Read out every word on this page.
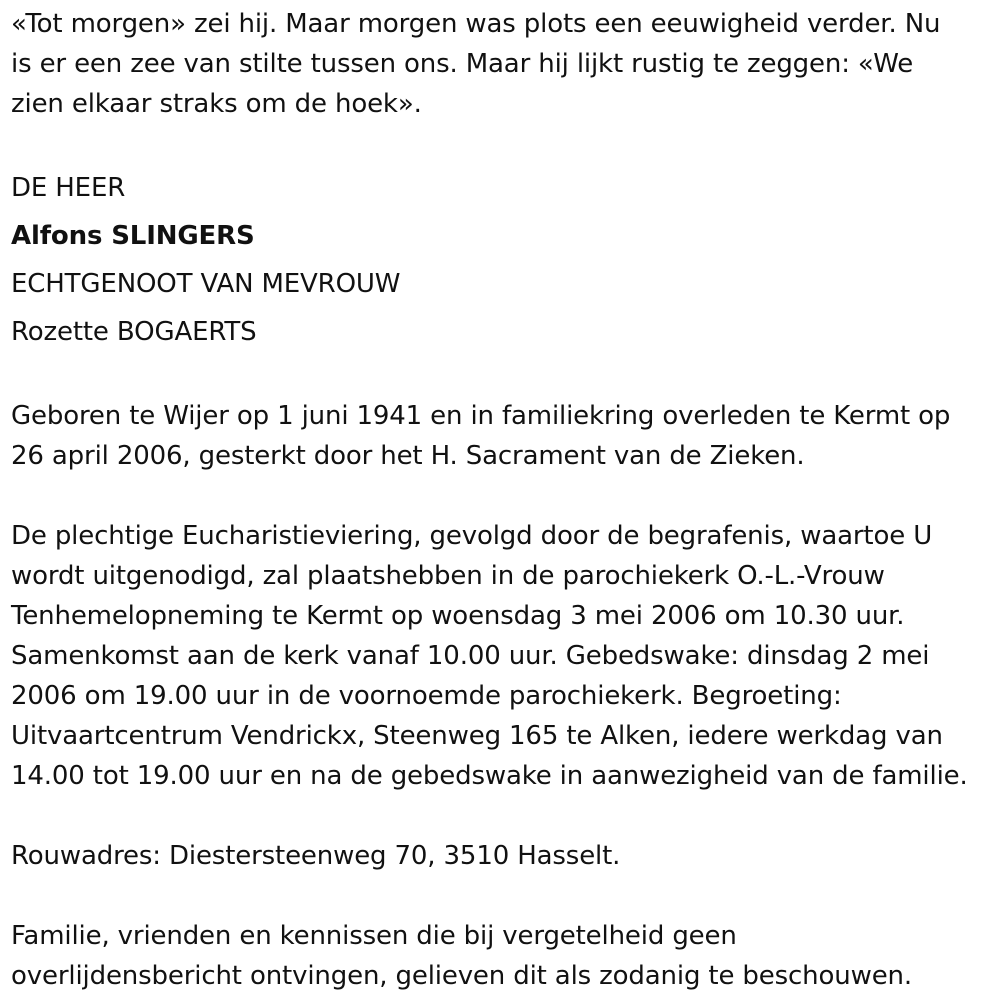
«Tot morgen» zei hij. Maar morgen was plots een eeuwigheid verder. Nu

is er een zee van stilte tussen ons. Maar hij lijkt rustig te zeggen: «We

zien elkaar straks om de hoek».

DE HEER

Alfons SLINGERS

ECHTGENOOT VAN MEVROUW

Rozette BOGAERTS

Geboren te Wijer op 1 juni 1941 en in familiekring overleden te Kermt op

26 april 2006, gesterkt door het H. Sacrament van de Zieken.

De plechtige Eucharistieviering, gevolgd door de begrafenis, waartoe U

wordt uitgenodigd, zal plaatshebben in de parochiekerk O.-L.-Vrouw

Tenhemelopneming te Kermt op woensdag 3 mei 2006 om 10.30 uur.

Samenkomst aan de kerk vanaf 10.00 uur. Gebedswake: dinsdag 2 mei

2006 om 19.00 uur in de voornoemde parochiekerk. Begroeting:

Uitvaartcentrum Vendrickx, Steenweg 165 te Alken, iedere werkdag van

14.00 tot 19.00 uur en na de gebedswake in aanwezigheid van de familie.

Rouwadres: Diestersteenweg 70, 3510 Hasselt.

Familie, vrienden en kennissen die bij vergetelheid geen

overlijdensbericht ontvingen, gelieven dit als zodanig te beschouwen.
